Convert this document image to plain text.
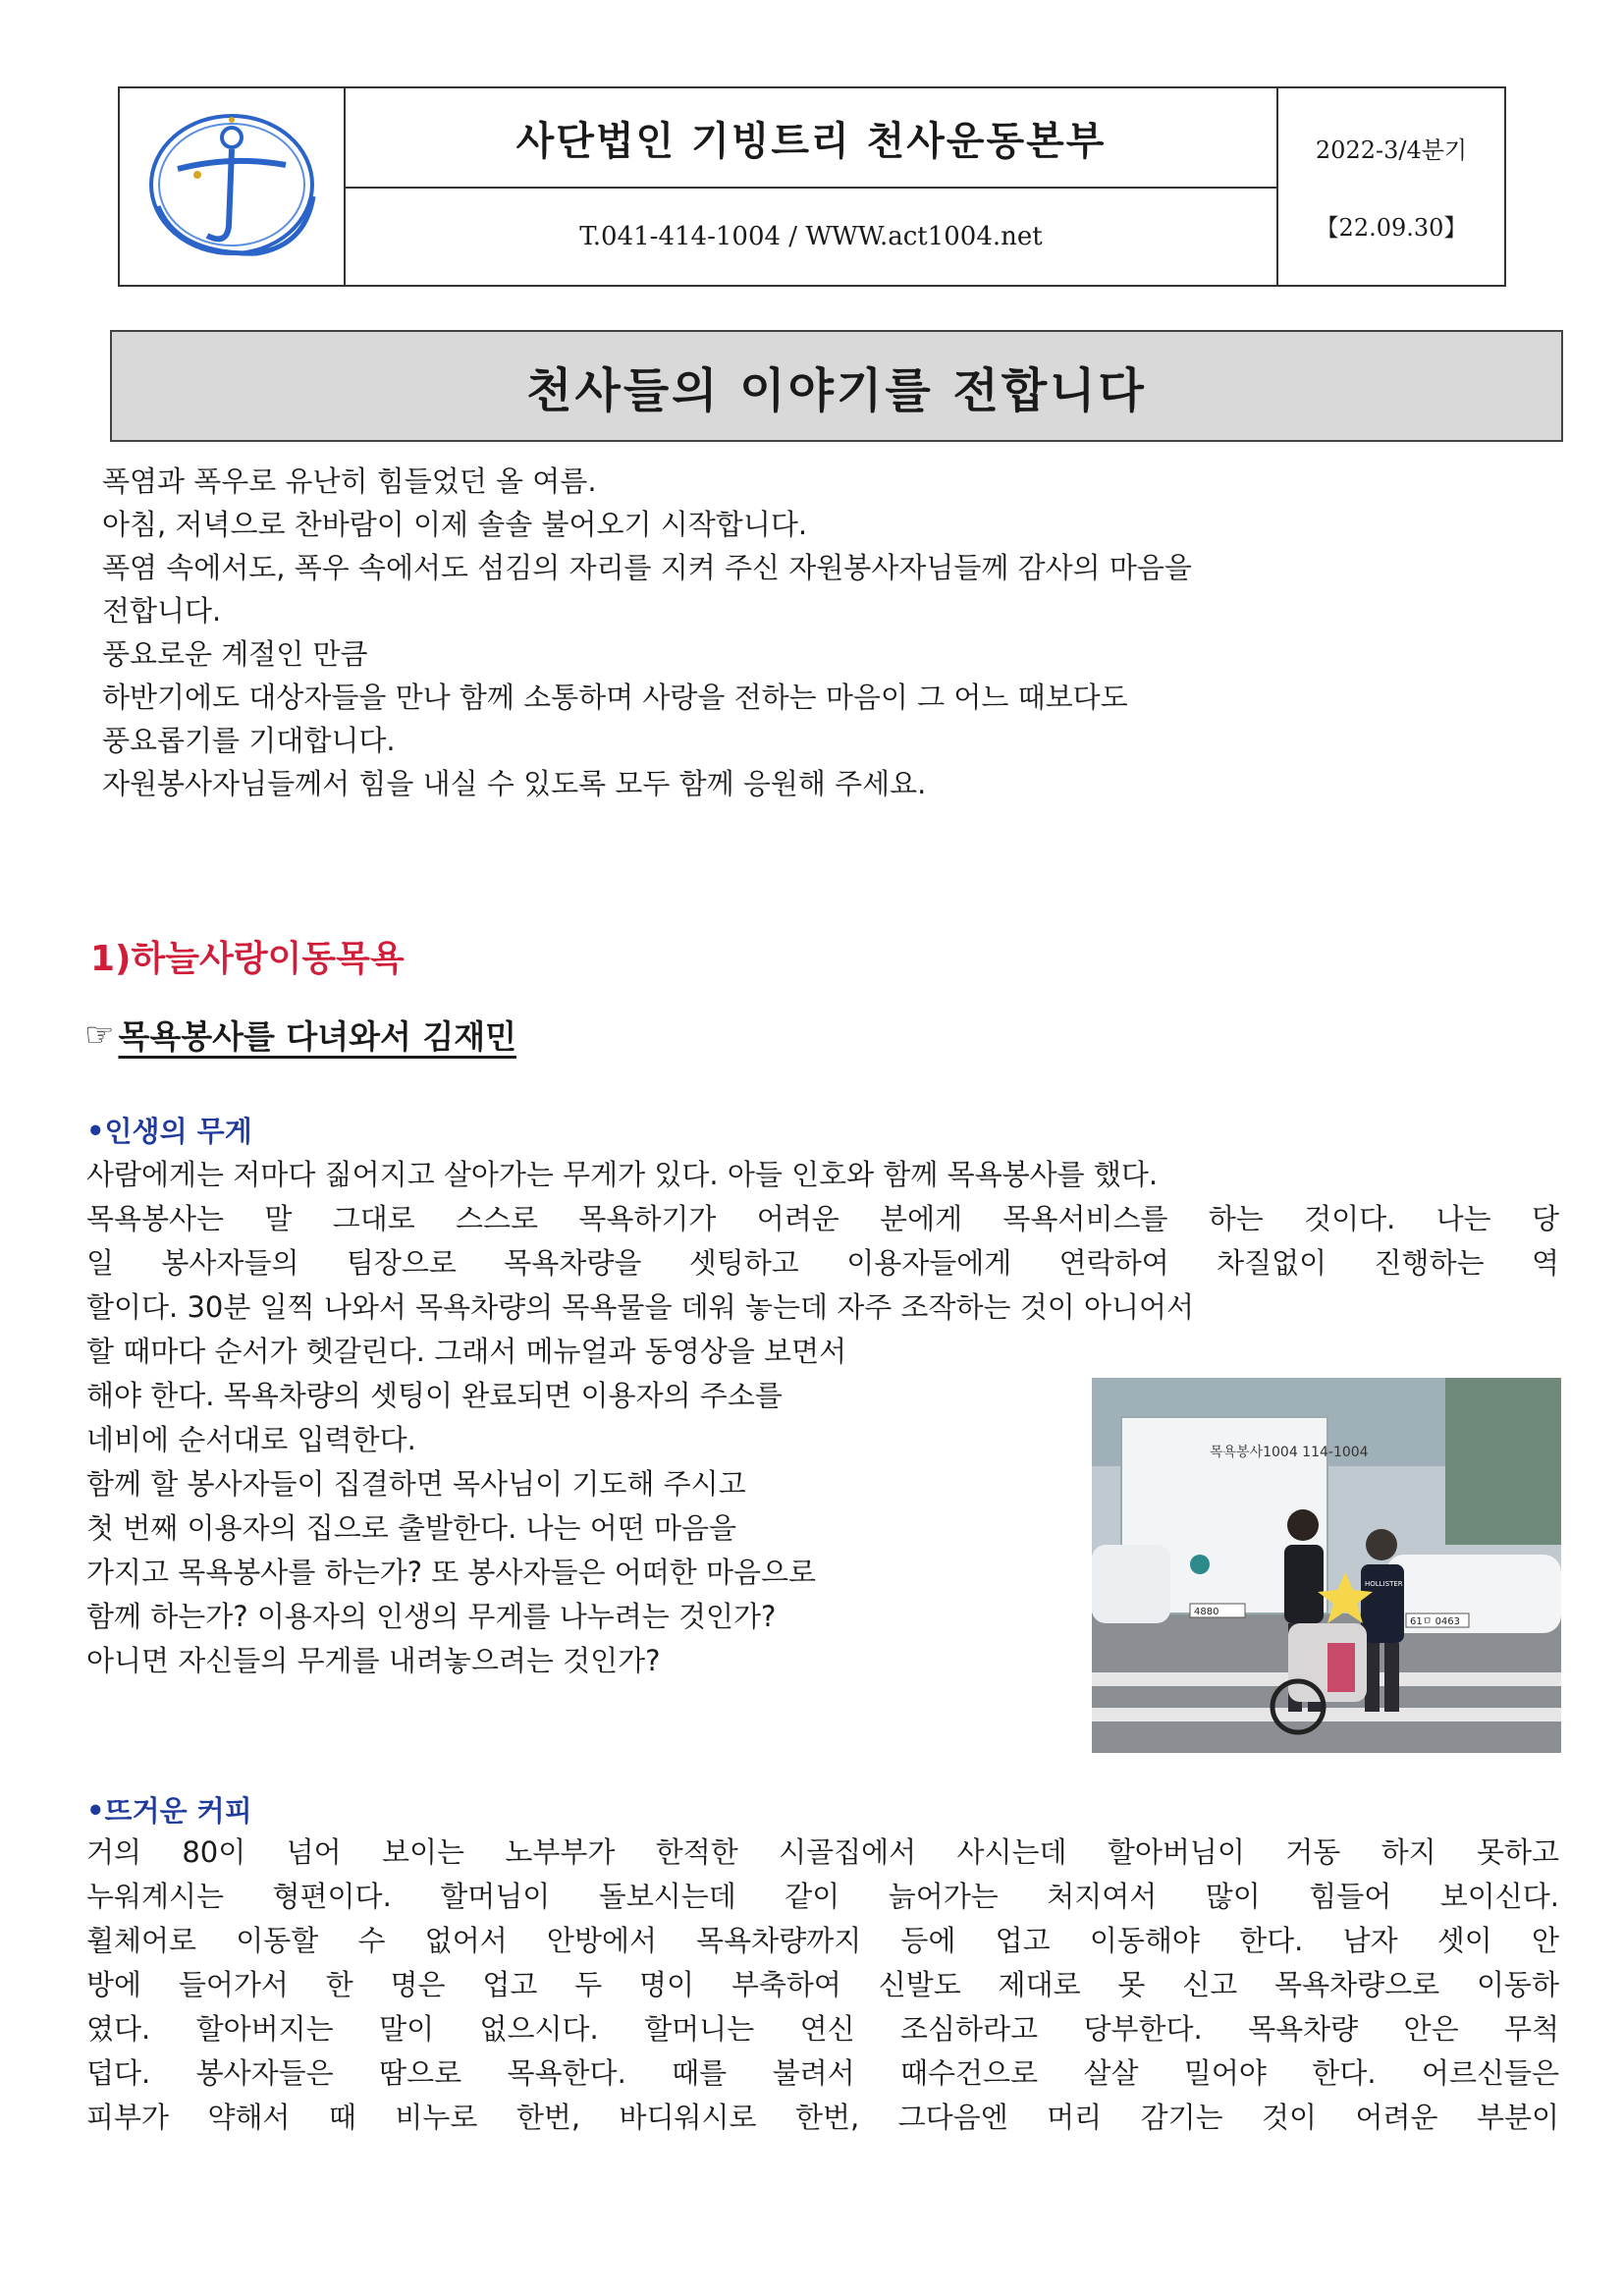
사단법인 기빙트리 천사운동본부
T.041-414-1004 / WWW.act1004.net
2022-3/4분기
【22.09.30】
천사들의 이야기를 전합니다

폭염과 폭우로 유난히 힘들었던 올 여름.

아침, 저녁으로 찬바람이 이제 솔솔 불어오기 시작합니다.

폭염 속에서도, 폭우 속에서도 섬김의 자리를 지켜 주신 자원봉사자님들께 감사의 마음을

전합니다.

풍요로운 계절인 만큼

하반기에도 대상자들을 만나 함께 소통하며 사랑을 전하는 마음이 그 어느 때보다도

풍요롭기를 기대합니다.

자원봉사자님들께서 힘을 내실 수 있도록 모두 함께 응원해 주세요.

1)하늘사랑이동목욕
☞ 목욕봉사를 다녀와서 김재민
•인생의 무게

사람에게는 저마다 짊어지고 살아가는 무게가 있다. 아들 인호와 함께 목욕봉사를 했다.

목욕봉사는 말 그대로 스스로 목욕하기가 어려운 분에게 목욕서비스를 하는 것이다. 나는 당

일 봉사자들의 팀장으로 목욕차량을 셋팅하고 이용자들에게 연락하여 차질없이 진행하는 역

할이다. 30분 일찍 나와서 목욕차량의 목욕물을 데워 놓는데 자주 조작하는 것이 아니어서

할 때마다 순서가 헷갈린다. 그래서 메뉴얼과 동영상을 보면서

해야 한다. 목욕차량의 셋팅이 완료되면 이용자의 주소를

네비에 순서대로 입력한다.

함께 할 봉사자들이 집결하면 목사님이 기도해 주시고

첫 번째 이용자의 집으로 출발한다. 나는 어떤 마음을

가지고 목욕봉사를 하는가? 또 봉사자들은 어떠한 마음으로

함께 하는가? 이용자의 인생의 무게를 나누려는 것인가?

아니면 자신들의 무게를 내려놓으려는 것인가?

목욕봉사1004 114-1004
61ㅁ 0463
4880
HOLLISTER
•뜨거운 커피

거의 80이 넘어 보이는 노부부가 한적한 시골집에서 사시는데 할아버님이 거동 하지 못하고

누워계시는 형편이다. 할머님이 돌보시는데 같이 늙어가는 처지여서 많이 힘들어 보이신다.

휠체어로 이동할 수 없어서 안방에서 목욕차량까지 등에 업고 이동해야 한다. 남자 셋이 안

방에 들어가서 한 명은 업고 두 명이 부축하여 신발도 제대로 못 신고 목욕차량으로 이동하

였다. 할아버지는 말이 없으시다. 할머니는 연신 조심하라고 당부한다. 목욕차량 안은 무척

덥다. 봉사자들은 땀으로 목욕한다. 때를 불려서 때수건으로 살살 밀어야 한다. 어르신들은

피부가 약해서 때 비누로 한번, 바디워시로 한번, 그다음엔 머리 감기는 것이 어려운 부분이
